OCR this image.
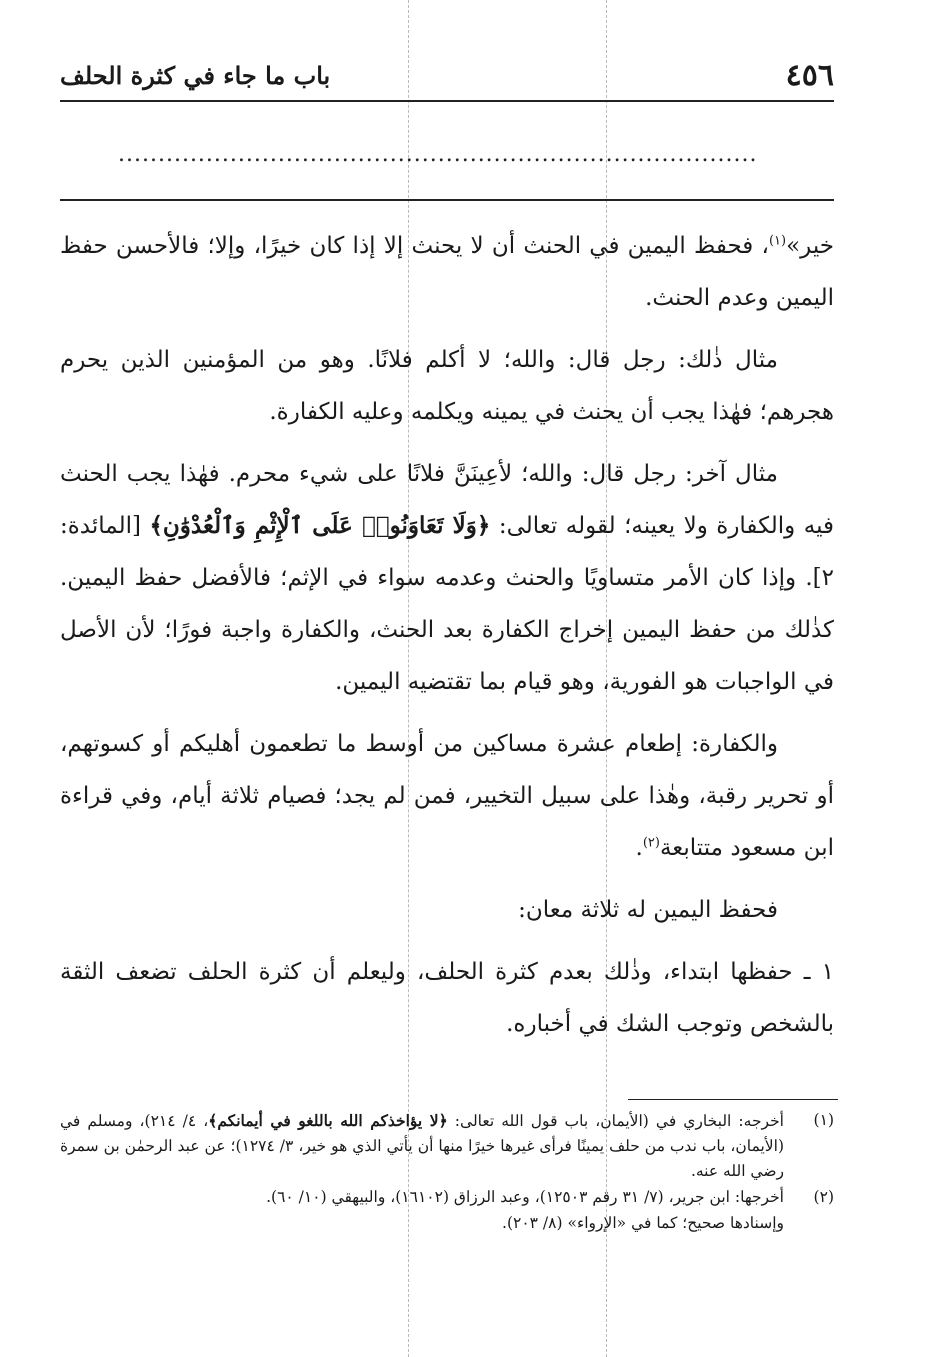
٤٥٦
باب ما جاء في كثرة الحلف
................................................................................

خير»$^{(١)}$، فحفظ اليمين في الحنث أن لا يحنث إلا إذا كان خيرًا، وإلا؛ فالأحسن حفظ اليمين وعدم الحنث.

مثال ذٰلك: رجل قال: والله؛ لا أكلم فلانًا. وهو من المؤمنين الذين يحرم هجرهم؛ فهٰذا يجب أن يحنث في يمينه ويكلمه وعليه الكفارة.

مثال آخر: رجل قال: والله؛ لأعِينَنَّ فلانًا على شيء محرم. فهٰذا يجب الحنث فيه والكفارة ولا يعينه؛ لقوله تعالى: ﴿وَلَا تَعَاوَنُوا۟ عَلَى ٱلْإِثْمِ وَٱلْعُدْوَٰنِ﴾ [المائدة: ٢]. وإذا كان الأمر متساويًا والحنث وعدمه سواء في الإثم؛ فالأفضل حفظ اليمين. كذٰلك من حفظ اليمين إخراج الكفارة بعد الحنث، والكفارة واجبة فورًا؛ لأن الأصل في الواجبات هو الفورية، وهو قيام بما تقتضيه اليمين.

والكفارة: إطعام عشرة مساكين من أوسط ما تطعمون أهليكم أو كسوتهم، أو تحرير رقبة، وهٰذا على سبيل التخيير، فمن لم يجد؛ فصيام ثلاثة أيام، وفي قراءة ابن مسعود متتابعة$^{(٢)}$.

فحفظ اليمين له ثلاثة معان:

١ ـ حفظها ابتداء، وذٰلك بعدم كثرة الحلف، وليعلم أن كثرة الحلف تضعف الثقة بالشخص وتوجب الشك في أخباره.

(١)
أخرجه: البخاري في (الأيمان، باب قول الله تعالى: ﴿لا يؤاخذكم الله باللغو في أيمانكم﴾، ٤/ ٢١٤)، ومسلم في (الأيمان، باب ندب من حلف يمينًا فرأى غيرها خيرًا منها أن يأتي الذي هو خير، ٣/ ١٢٧٤)؛ عن عبد الرحمٰن بن سمرة رضي الله عنه.
(٢)
أخرجها: ابن جرير، (٧/ ٣١ رقم ١٢٥٠٣)، وعبد الرزاق (١٦١٠٢)، والبيهقي (١٠/ ٦٠).
وإسنادها صحيح؛ كما في «الإرواء» (٨/ ٢٠٣).
